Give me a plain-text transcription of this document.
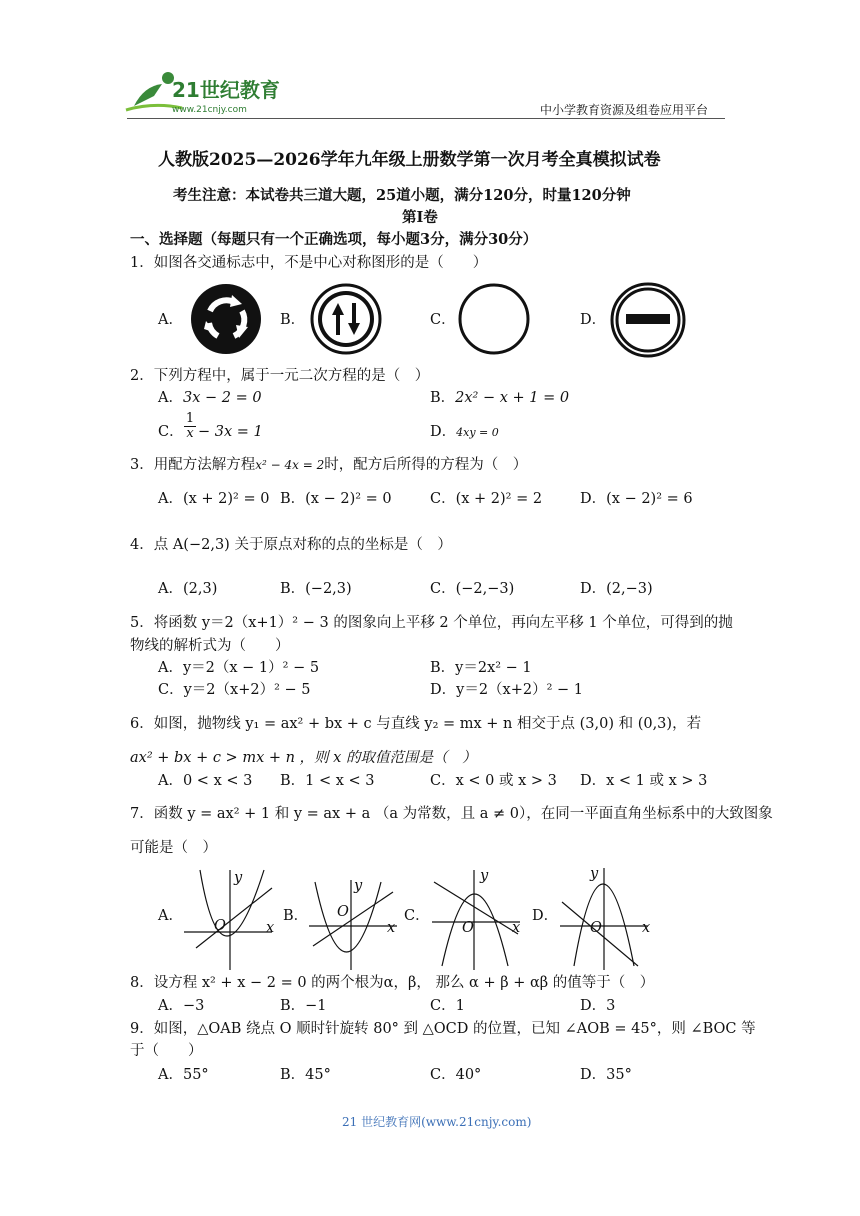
21世纪教育
www.21cnjy.com	中小学教育资源及组卷应用平台
人教版2025—2026学年九年级上册数学第一次月考全真模拟试卷
考生注意：本试卷共三道大题，25道小题，满分120分，时量120分钟
第Ⅰ卷
一、选择题（每题只有一个正确选项，每小题3分，满分30分）
1．如图各交通标志中，不是中心对称图形的是（　　）
A．	B．	C．	D．
2．下列方程中，属于一元二次方程的是（　）
A．3x − 2 = 0	B．2x² − x + 1 = 0
C．
1
x − 3x = 1	D．4xy = 0
3．用配方法解方程x² − 4x = 2时，配方后所得的方程为（　）
A．(x + 2)² = 0 B．(x − 2)² = 0	C．(x + 2)² = 2	D．(x − 2)² = 6
4．点 A(−2,3) 关于原点对称的点的坐标是（　）
A．(2,3)	B．(−2,3)	C．(−2,−3)	D．(2,−3)
5．将函数 y＝2（x+1）² − 3 的图象向上平移 2 个单位，再向左平移 1 个单位，可得到的抛
物线的解析式为（　　）
A．y＝2（x − 1）² − 5	B．y＝2x² − 1
C．y＝2（x+2）² − 5	D．y＝2（x+2）² − 1
6．如图，抛物线 y₁ = ax² + bx + c 与直线 y₂ = mx + n 相交于点 (3,0) 和 (0,3)，若
ax² + bx + c > mx + n ，则 x 的取值范围是（　）
A．0 < x < 3 B．1 < x < 3	C．x < 0 或 x > 3 D．x < 1 或 x > 3
7．函数 y = ax² + 1 和 y = ax + a （a 为常数，且 a ≠ 0），在同一平面直角坐标系中的大致图象
可能是（　）
A．
y
O	x
B．
y
O
x
C．
y
O	x
D．
y
O	x
8．设方程 x² + x − 2 = 0 的两个根为α，β， 那么 α + β + αβ 的值等于（　）
A．−3	B．−1	C．1	D．3
9．如图，△OAB 绕点 O 顺时针旋转 80° 到 △OCD 的位置，已知 ∠AOB = 45°，则 ∠BOC 等
于（　　）
A．55°	B．45°	C．40°	D．35°
21 世纪教育网(www.21cnjy.com)
